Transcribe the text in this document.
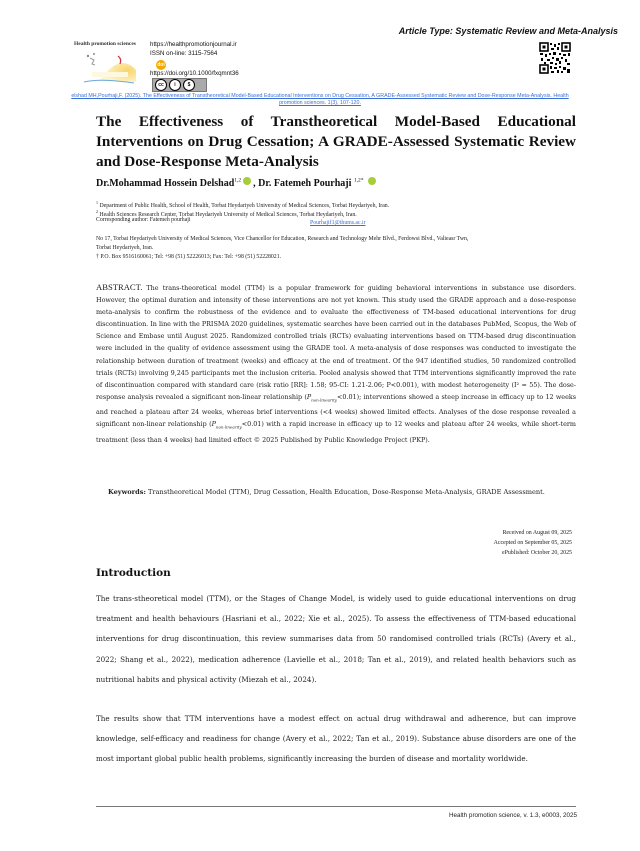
Article Type: Systematic Review and Meta-Analysis
Health promotion sciences https://healthpromotionjournal.ir
ISSN on-line: 3115-7564
doi
https://doi.org/10.1000/fxqmnt36
cc	i	$
elshad MH,Pourhaji,F. (2025). The Effectiveness of Transtheoretical Model-Based Educational Interventions on Drug Cessation, A GRADE-Assessed Systematic Review and Dose-Response Meta-Analysis. Health
promotion sciences. 1(3), 107-120.
The Effectiveness of Transtheoretical Model-Based Educational Interventions on Drug Cessation; A GRADE-Assessed Systematic Review and Dose-Response Meta-Analysis
Dr.Mohammad Hossein Delshad$^{1,2}$ , Dr. Fatemeh Pourhaji $^{1,2*}$
$^1$ Department of Public Health, School of Health, Torbat Heydariyeh University of Medical Sciences, Torbat Heydariyeh, Iran.
$^2$ Health Sciences Research Center, Torbat Heydariyeh University of Medical Sciences, Torbat Heydariyeh, Iran.
Corresponding author: Fatemeh pourhaji	Pourhajif1@thums.ac.ir
No 17, Torbat Heydariyeh University of Medical Sciences, Vice Chancellor for Education, Research and Technology Mehr Blvd., Ferdowsi Blvd., Valieasr Twn,
Torbat Heydariyeh, Iran.
† P.O. Box 9516160061; Tel: +98 (51) 52226013; Fax: Tel: +98 (51) 52228021.
ABSTRACT. The trans-theoretical model (TTM) is a popular framework for guiding behavioral interventions in substance use disorders. However, the optimal duration and intensity of these interventions are not yet known. This study used the GRADE approach and a dose-response meta-analysis to confirm the robustness of the evidence and to evaluate the effectiveness of TM-based educational interventions for drug discontinuation. In line with the PRISMA 2020 guidelines, systematic searches have been carried out in the databases PubMed, Scopus, the Web of Science and Embase until August 2025. Randomized controlled trials (RCTs) evaluating interventions based on TTM-based drug discontinuation were included in the quality of evidence assessment using the GRADE tool. A meta-analysis of dose responses was conducted to investigate the relationship between duration of treatment (weeks) and efficacy at the end of treatment. Of the 947 identified studies, 50 randomized controlled trials (RCTs) involving 9,245 participants met the inclusion criteria. Pooled analysis showed that TTM interventions significantly improved the rate of discontinuation compared with standard care (risk ratio [RR]: 1.58; 95-CI: 1.21-2.06; P<0.001), with modest heterogeneity (I² = 55). The dose-response analysis revealed a significant non-linear relationship $(P_{non-linearity}<0.01)$; interventions showed a steep increase in efficacy up to 12 weeks and reached a plateau after 24 weeks, whereas brief interventions (<4 weeks) showed limited effects. Analyses of the dose response revealed a significant non-linear relationship $(P_{non-linearity}<0.01)$ with a rapid increase in efficacy up to 12 weeks and plateau after 24 weeks, while short-term treatment (less than 4 weeks) had limited effect © 2025 Published by Public Knowledge Project (PKP).
Keywords: Transtheoretical Model (TTM), Drug Cessation, Health Education, Dose-Response Meta-Analysis, GRADE Assessment.
Received on August 09, 2025
Accepted on September 05, 2025
ePublished: October 20, 2025
Introduction
The trans-stheoretical model (TTM), or the Stages of Change Model, is widely used to guide educational interventions on drug treatment and health behaviours (Hasriani et al., 2022; Xie et al., 2025). To assess the effectiveness of TTM-based educational interventions for drug discontinuation, this review summarises data from 50 randomised controlled trials (RCTs) (Avery et al., 2022; Shang et al., 2022), medication adherence (Lavielle et al., 2018; Tan et al., 2019), and related health behaviors such as nutritional habits and physical activity (Miezah et al., 2024).
The results show that TTM interventions have a modest effect on actual drug withdrawal and adherence, but can improve knowledge, self-efficacy and readiness for change (Avery et al., 2022; Tan et al., 2019). Substance abuse disorders are one of the most important global public health problems, significantly increasing the burden of disease and mortality worldwide.
Health promotion science, v. 1.3, e0003, 2025
